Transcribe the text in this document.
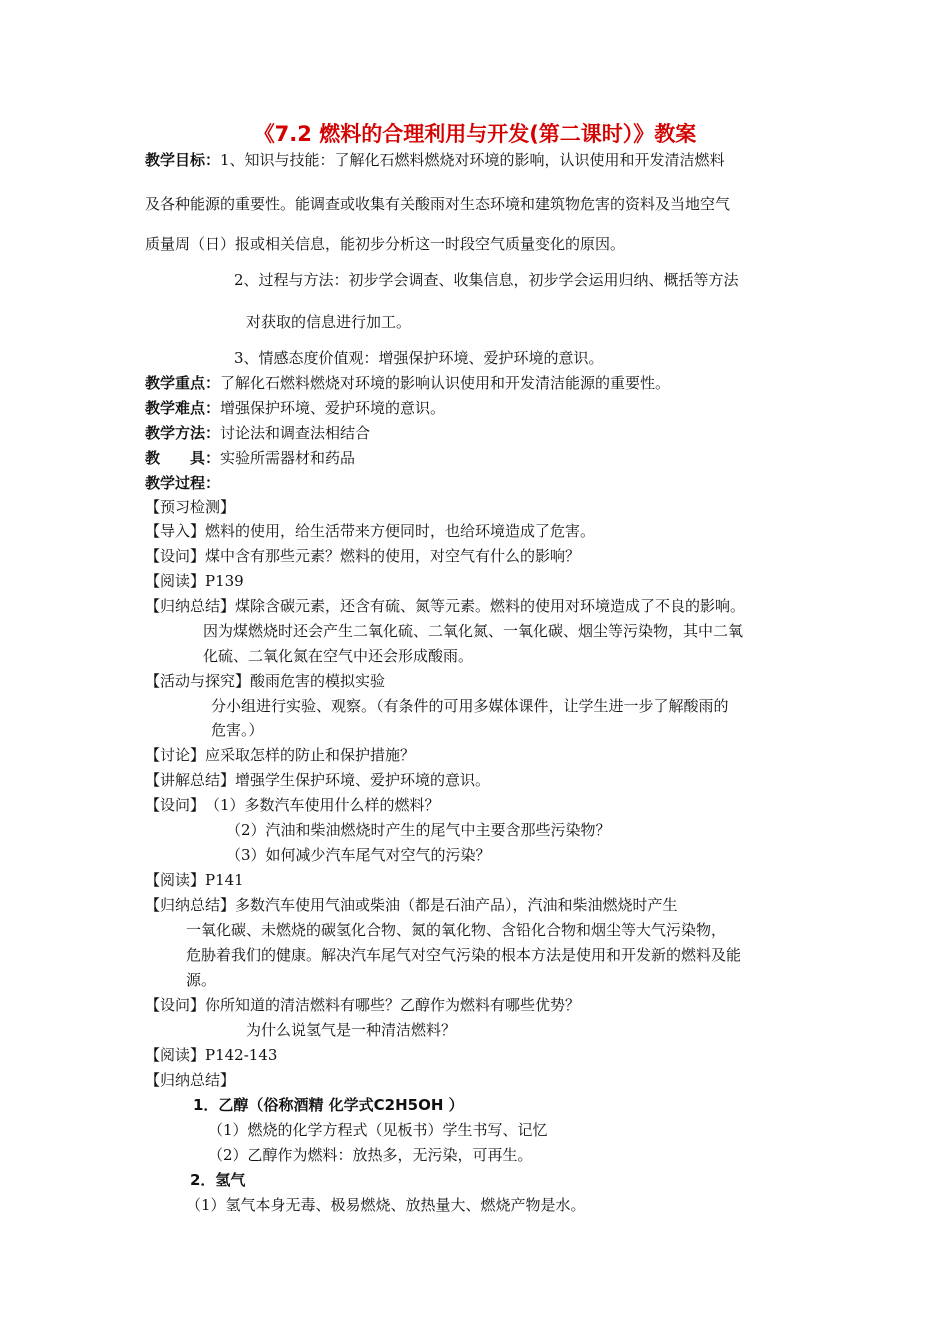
《7.2 燃料的合理利用与开发(第二课时）》教案
教学目标：1、知识与技能：了解化石燃料燃烧对环境的影响，认识使用和开发清洁燃料
及各种能源的重要性。能调查或收集有关酸雨对生态环境和建筑物危害的资料及当地空气
质量周（日）报或相关信息，能初步分析这一时段空气质量变化的原因。
2、过程与方法：初步学会调查、收集信息，初步学会运用归纳、概括等方法
对获取的信息进行加工。
3、情感态度价值观：增强保护环境、爱护环境的意识。
教学重点：了解化石燃料燃烧对环境的影响认识使用和开发清洁能源的重要性。
教学难点：增强保护环境、爱护环境的意识。
教学方法：讨论法和调查法相结合
教　　具：实验所需器材和药品
教学过程：
【预习检测】
【导入】燃料的使用，给生活带来方便同时，也给环境造成了危害。
【设问】煤中含有那些元素？燃料的使用，对空气有什么的影响？
【阅读】P139
【归纳总结】煤除含碳元素，还含有硫、氮等元素。燃料的使用对环境造成了不良的影响。
因为煤燃烧时还会产生二氧化硫、二氧化氮、一氧化碳、烟尘等污染物，其中二氧
化硫、二氧化氮在空气中还会形成酸雨。
【活动与探究】酸雨危害的模拟实验
分小组进行实验、观察。（有条件的可用多媒体课件，让学生进一步了解酸雨的
危害。）
【讨论】应采取怎样的防止和保护措施？
【讲解总结】增强学生保护环境、爱护环境的意识。
【设问】　（1）多数汽车使用什么样的燃料？
（2）汽油和柴油燃烧时产生的尾气中主要含那些污染物？
（3）如何减少汽车尾气对空气的污染？
【阅读】P141
【归纳总结】多数汽车使用气油或柴油（都是石油产品），汽油和柴油燃烧时产生
一氧化碳、未燃烧的碳氢化合物、氮的氧化物、含铅化合物和烟尘等大气污染物，
危胁着我们的健康。解决汽车尾气对空气污染的根本方法是使用和开发新的燃料及能
源。
【设问】你所知道的清洁燃料有哪些？乙醇作为燃料有哪些优势？
为什么说氢气是一种清洁燃料？
【阅读】P142-143
【归纳总结】
1．乙醇（俗称酒精 化学式C2H5OH ）
（1）燃烧的化学方程式（见板书）学生书写、记忆
（2）乙醇作为燃料：放热多，无污染，可再生。
2．氢气
（1）氢气本身无毒、极易燃烧、放热量大、燃烧产物是水。
